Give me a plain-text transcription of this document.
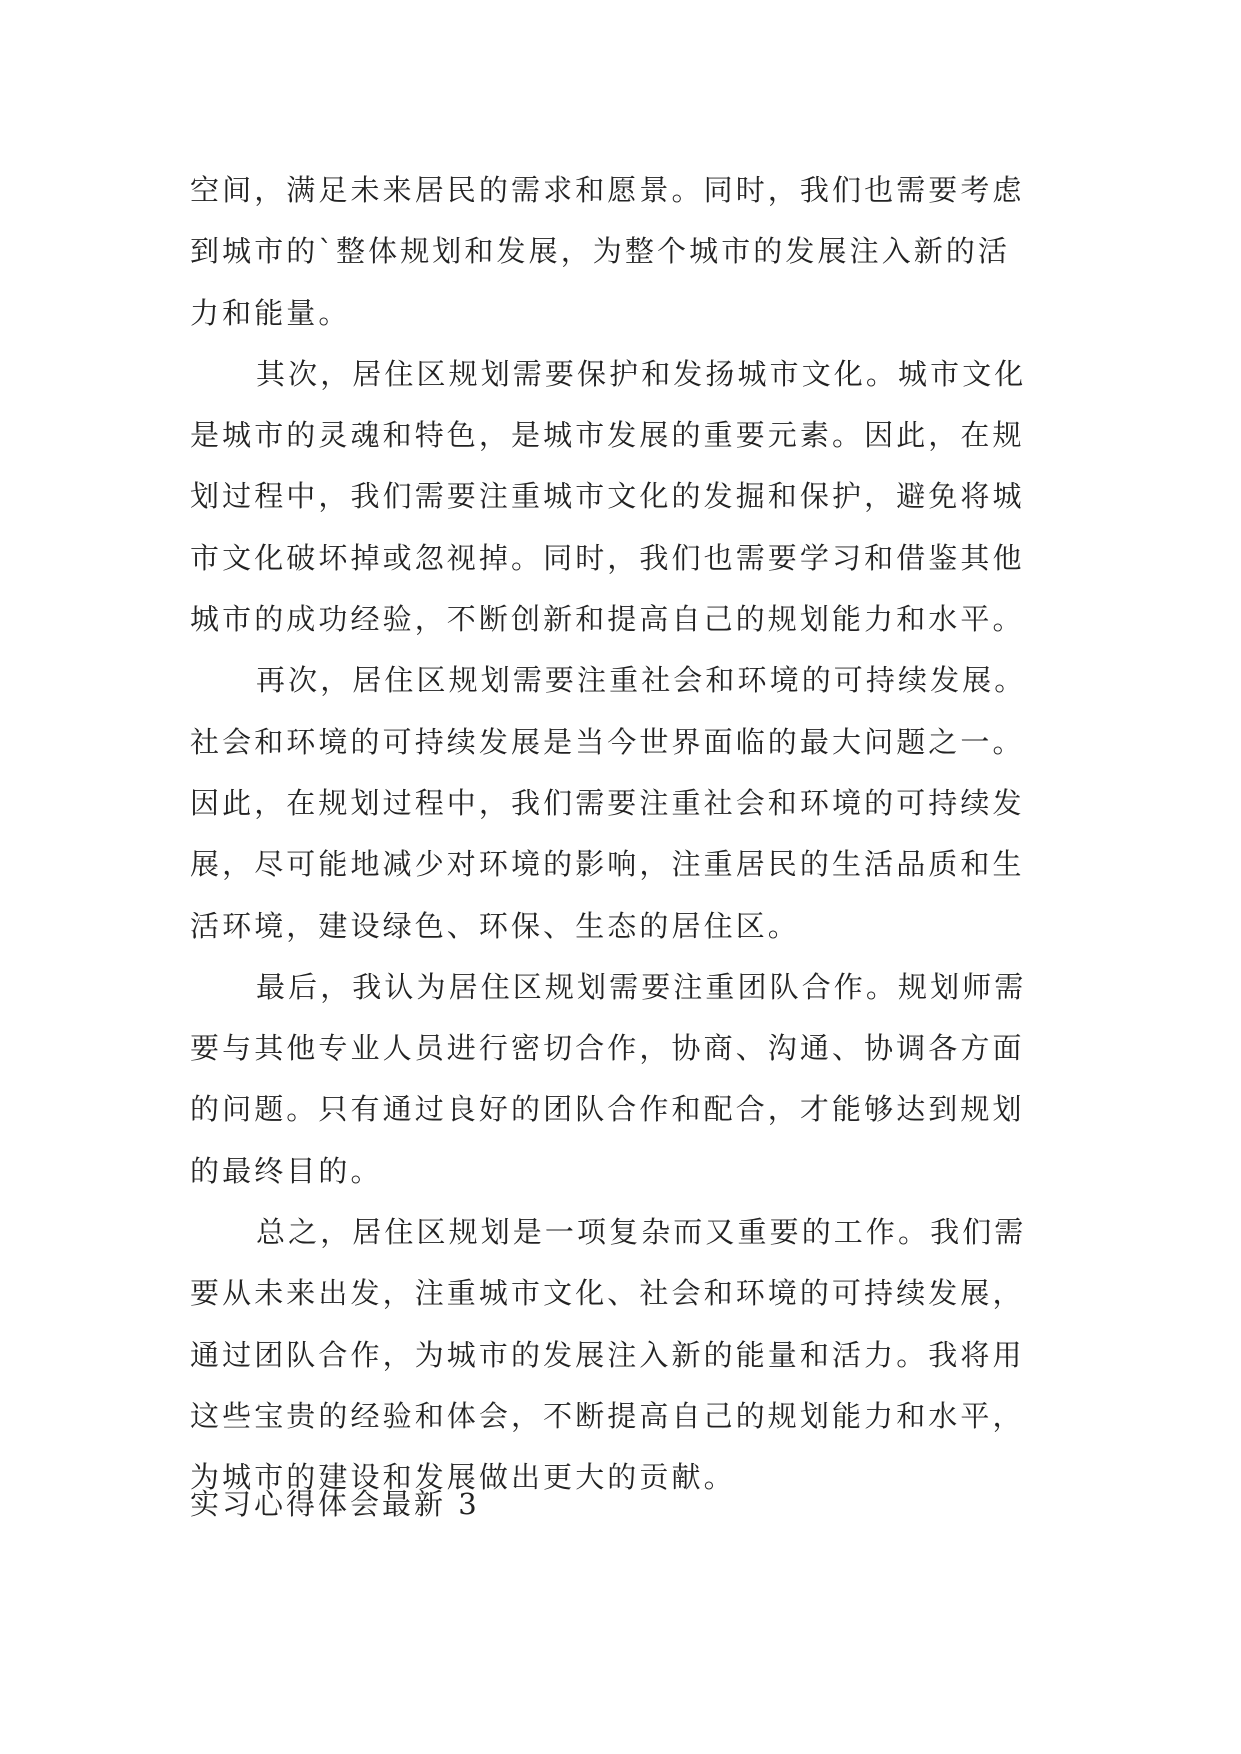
空间，满足未来居民的需求和愿景。同时，我们也需要考虑
到城市的`整体规划和发展，为整个城市的发展注入新的活
力和能量。
其次，居住区规划需要保护和发扬城市文化。城市文化
是城市的灵魂和特色，是城市发展的重要元素。因此，在规
划过程中，我们需要注重城市文化的发掘和保护，避免将城
市文化破坏掉或忽视掉。同时，我们也需要学习和借鉴其他
城市的成功经验，不断创新和提高自己的规划能力和水平。
再次，居住区规划需要注重社会和环境的可持续发展。
社会和环境的可持续发展是当今世界面临的最大问题之一。
因此，在规划过程中，我们需要注重社会和环境的可持续发
展，尽可能地减少对环境的影响，注重居民的生活品质和生
活环境，建设绿色、环保、生态的居住区。
最后，我认为居住区规划需要注重团队合作。规划师需
要与其他专业人员进行密切合作，协商、沟通、协调各方面
的问题。只有通过良好的团队合作和配合，才能够达到规划
的最终目的。
总之，居住区规划是一项复杂而又重要的工作。我们需
要从未来出发，注重城市文化、社会和环境的可持续发展，
通过团队合作，为城市的发展注入新的能量和活力。我将用
这些宝贵的经验和体会，不断提高自己的规划能力和水平，
为城市的建设和发展做出更大的贡献。
实习心得体会最新 3
